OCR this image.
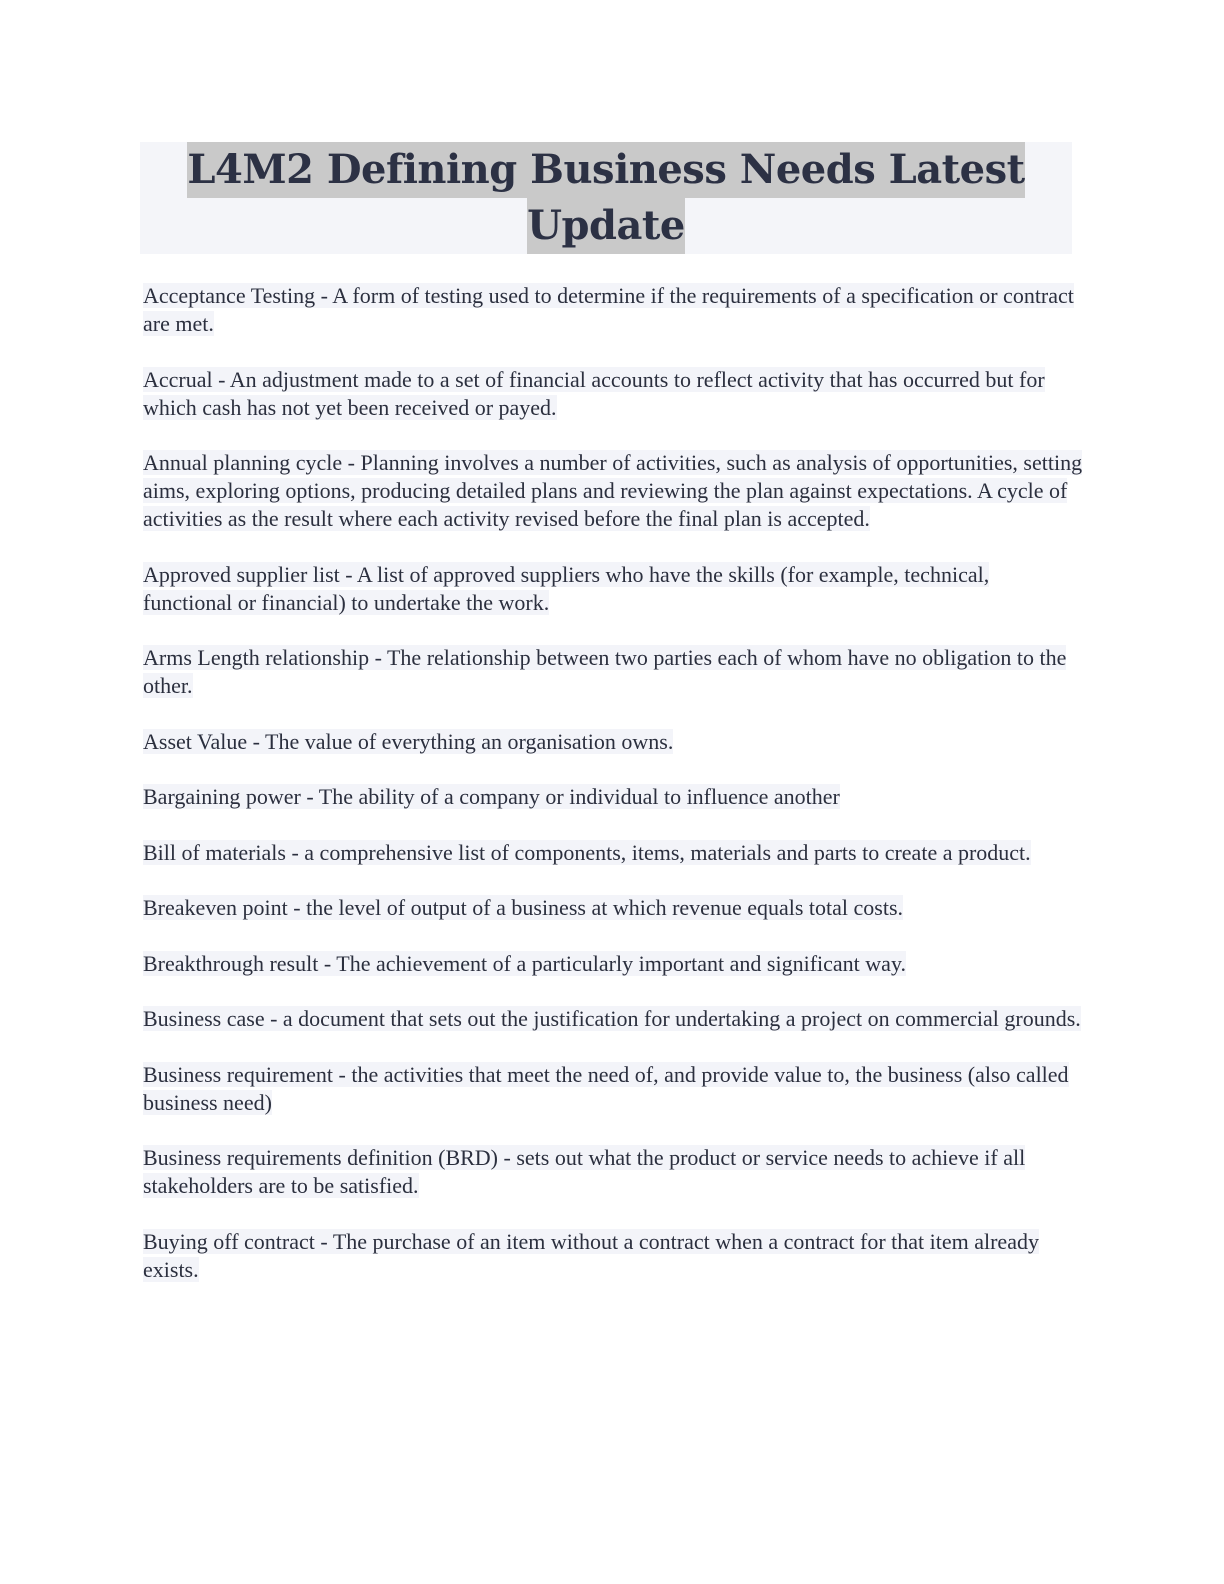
L4M2 Defining Business Needs Latest
Update
Acceptance Testing - A form of testing used to determine if the requirements of a specification or contract are met.
Accrual - An adjustment made to a set of financial accounts to reflect activity that has occurred but for which cash has not yet been received or payed.
Annual planning cycle - Planning involves a number of activities, such as analysis of opportunities, setting aims, exploring options, producing detailed plans and reviewing the plan against expectations. A cycle of activities as the result where each activity revised before the final plan is accepted.
Approved supplier list - A list of approved suppliers who have the skills (for example, technical, functional or financial) to undertake the work.
Arms Length relationship - The relationship between two parties each of whom have no obligation to the other.
Asset Value - The value of everything an organisation owns.
Bargaining power - The ability of a company or individual to influence another
Bill of materials - a comprehensive list of components, items, materials and parts to create a product.
Breakeven point - the level of output of a business at which revenue equals total costs.
Breakthrough result - The achievement of a particularly important and significant way.
Business case - a document that sets out the justification for undertaking a project on commercial grounds.
Business requirement - the activities that meet the need of, and provide value to, the business (also called business need)
Business requirements definition (BRD) - sets out what the product or service needs to achieve if all stakeholders are to be satisfied.
Buying off contract - The purchase of an item without a contract when a contract for that item already exists.
